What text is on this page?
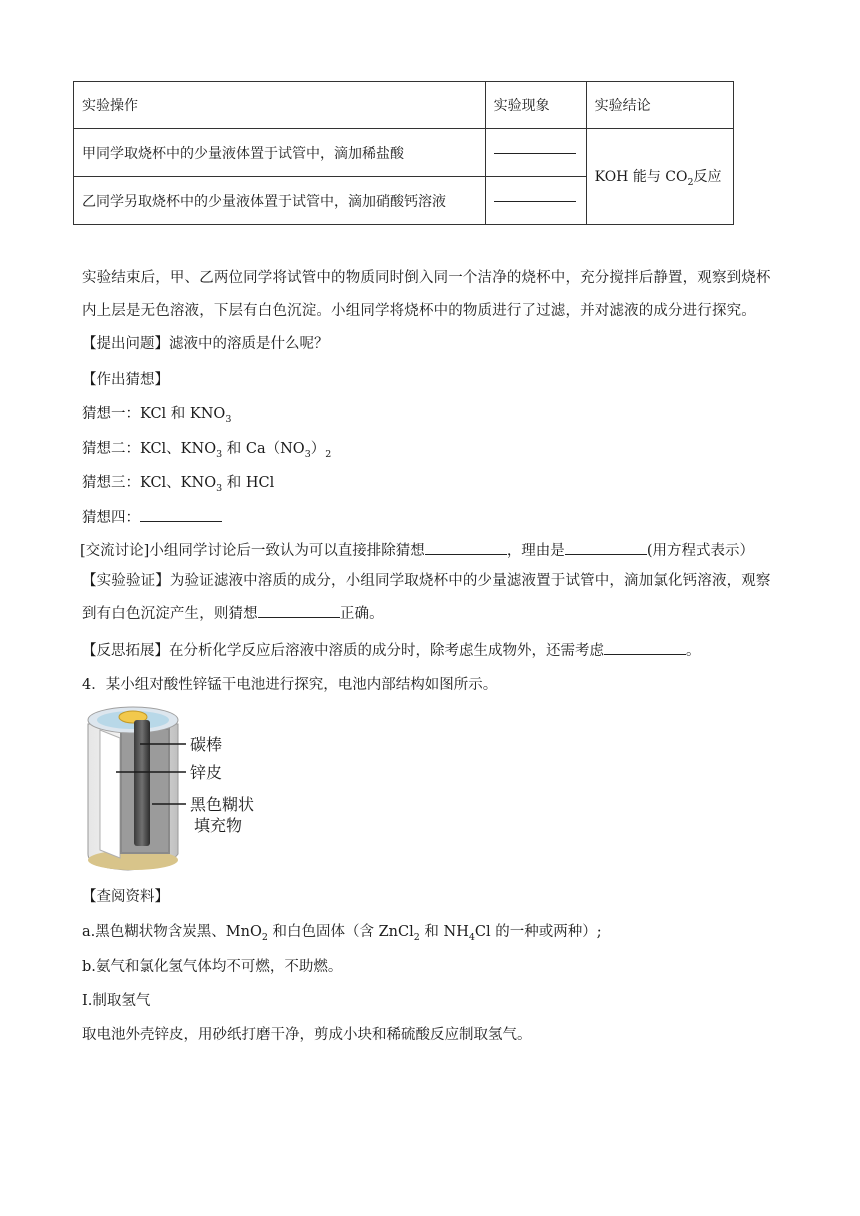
实验操作	实验现象	实验结论
甲同学取烧杯中的少量液体置于试管中，滴加稀盐酸		KOH 能与 $CO_2$反应
乙同学另取烧杯中的少量液体置于试管中，滴加硝酸钙溶液		
实验结束后，甲、乙两位同学将试管中的物质同时倒入同一个洁净的烧杯中，充分搅拌后静置，观察到烧杯内上层是无色溶液，下层有白色沉淀。小组同学将烧杯中的物质进行了过滤，并对滤液的成分进行探究。
【提出问题】滤液中的溶质是什么呢？
【作出猜想】
猜想一：KCl 和 $KNO_3$
猜想二：KCl、$KNO_3$ 和 $Ca(NO_3)_2$
猜想三：KCl、$KNO_3$ 和 HCl
猜想四：
[交流讨论]小组同学讨论后一致认为可以直接排除猜想	，理由是	(用方程式表示）
【实验验证】为验证滤液中溶质的成分，小组同学取烧杯中的少量滤液置于试管中，滴加氯化钙溶液，观察到有白色沉淀产生，则猜想	正确。
【反思拓展】在分析化学反应后溶液中溶质的成分时，除考虑生成物外，还需考虑	。
4．某小组对酸性锌锰干电池进行探究，电池内部结构如图所示。
碳棒
锌皮
黑色糊状
填充物
【查阅资料】
a.黑色糊状物含炭黑、MnO$_2$ 和白色固体（含 ZnCl$_2$ 和 $NH_4Cl$ 的一种或两种）;
b.氨气和氯化氢气体均不可燃，不助燃。
Ⅰ.制取氢气
取电池外壳锌皮，用砂纸打磨干净，剪成小块和稀硫酸反应制取氢气。
